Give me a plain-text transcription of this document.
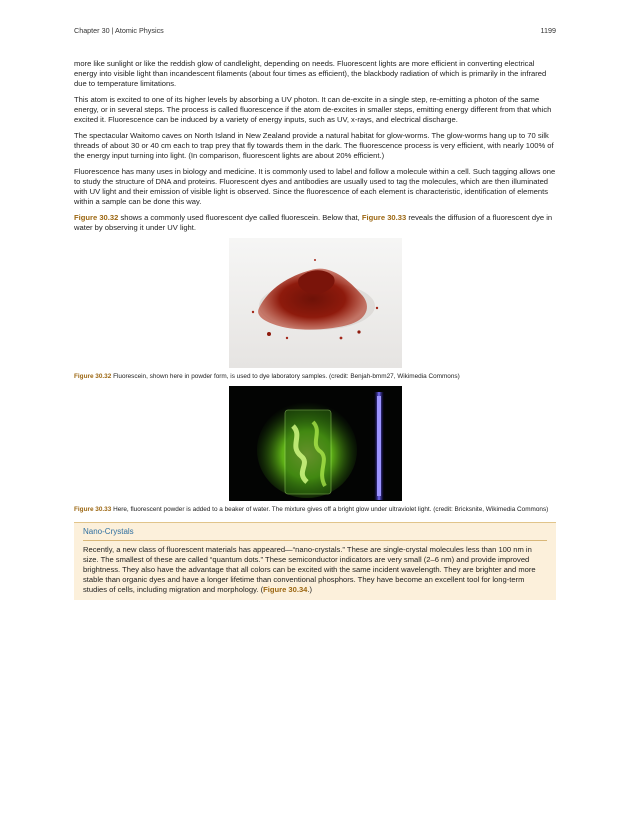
Chapter 30 | Atomic Physics	1199

more like sunlight or like the reddish glow of candlelight, depending on needs. Fluorescent lights are more efficient in converting electrical energy into visible light than incandescent filaments (about four times as efficient), the blackbody radiation of which is primarily in the infrared due to temperature limitations.

This atom is excited to one of its higher levels by absorbing a UV photon. It can de-excite in a single step, re-emitting a photon of the same energy, or in several steps. The process is called fluorescence if the atom de-excites in smaller steps, emitting energy different from that which excited it. Fluorescence can be induced by a variety of energy inputs, such as UV, x-rays, and electrical discharge.

The spectacular Waitomo caves on North Island in New Zealand provide a natural habitat for glow-worms. The glow-worms hang up to 70 silk threads of about 30 or 40 cm each to trap prey that fly towards them in the dark. The fluorescence process is very efficient, with nearly 100% of the energy input turning into light. (In comparison, fluorescent lights are about 20% efficient.)

Fluorescence has many uses in biology and medicine. It is commonly used to label and follow a molecule within a cell. Such tagging allows one to study the structure of DNA and proteins. Fluorescent dyes and antibodies are usually used to tag the molecules, which are then illuminated with UV light and their emission of visible light is observed. Since the fluorescence of each element is characteristic, identification of elements within a sample can be done this way.

Figure 30.32 shows a commonly used fluorescent dye called fluorescein. Below that, Figure 30.33 reveals the diffusion of a fluorescent dye in water by observing it under UV light.

Figure 30.32 Fluorescein, shown here in powder form, is used to dye laboratory samples. (credit: Benjah-bmm27, Wikimedia Commons)
Figure 30.33 Here, fluorescent powder is added to a beaker of water. The mixture gives off a bright glow under ultraviolet light. (credit: Bricksnite, Wikimedia Commons)
Nano-Crystals

Recently, a new class of fluorescent materials has appeared—“nano-crystals.” These are single-crystal molecules less than 100 nm in size. The smallest of these are called “quantum dots.” These semiconductor indicators are very small (2–6 nm) and provide improved brightness. They also have the advantage that all colors can be excited with the same incident wavelength. They are brighter and more stable than organic dyes and have a longer lifetime than conventional phosphors. They have become an excellent tool for long-term studies of cells, including migration and morphology. (Figure 30.34.)
